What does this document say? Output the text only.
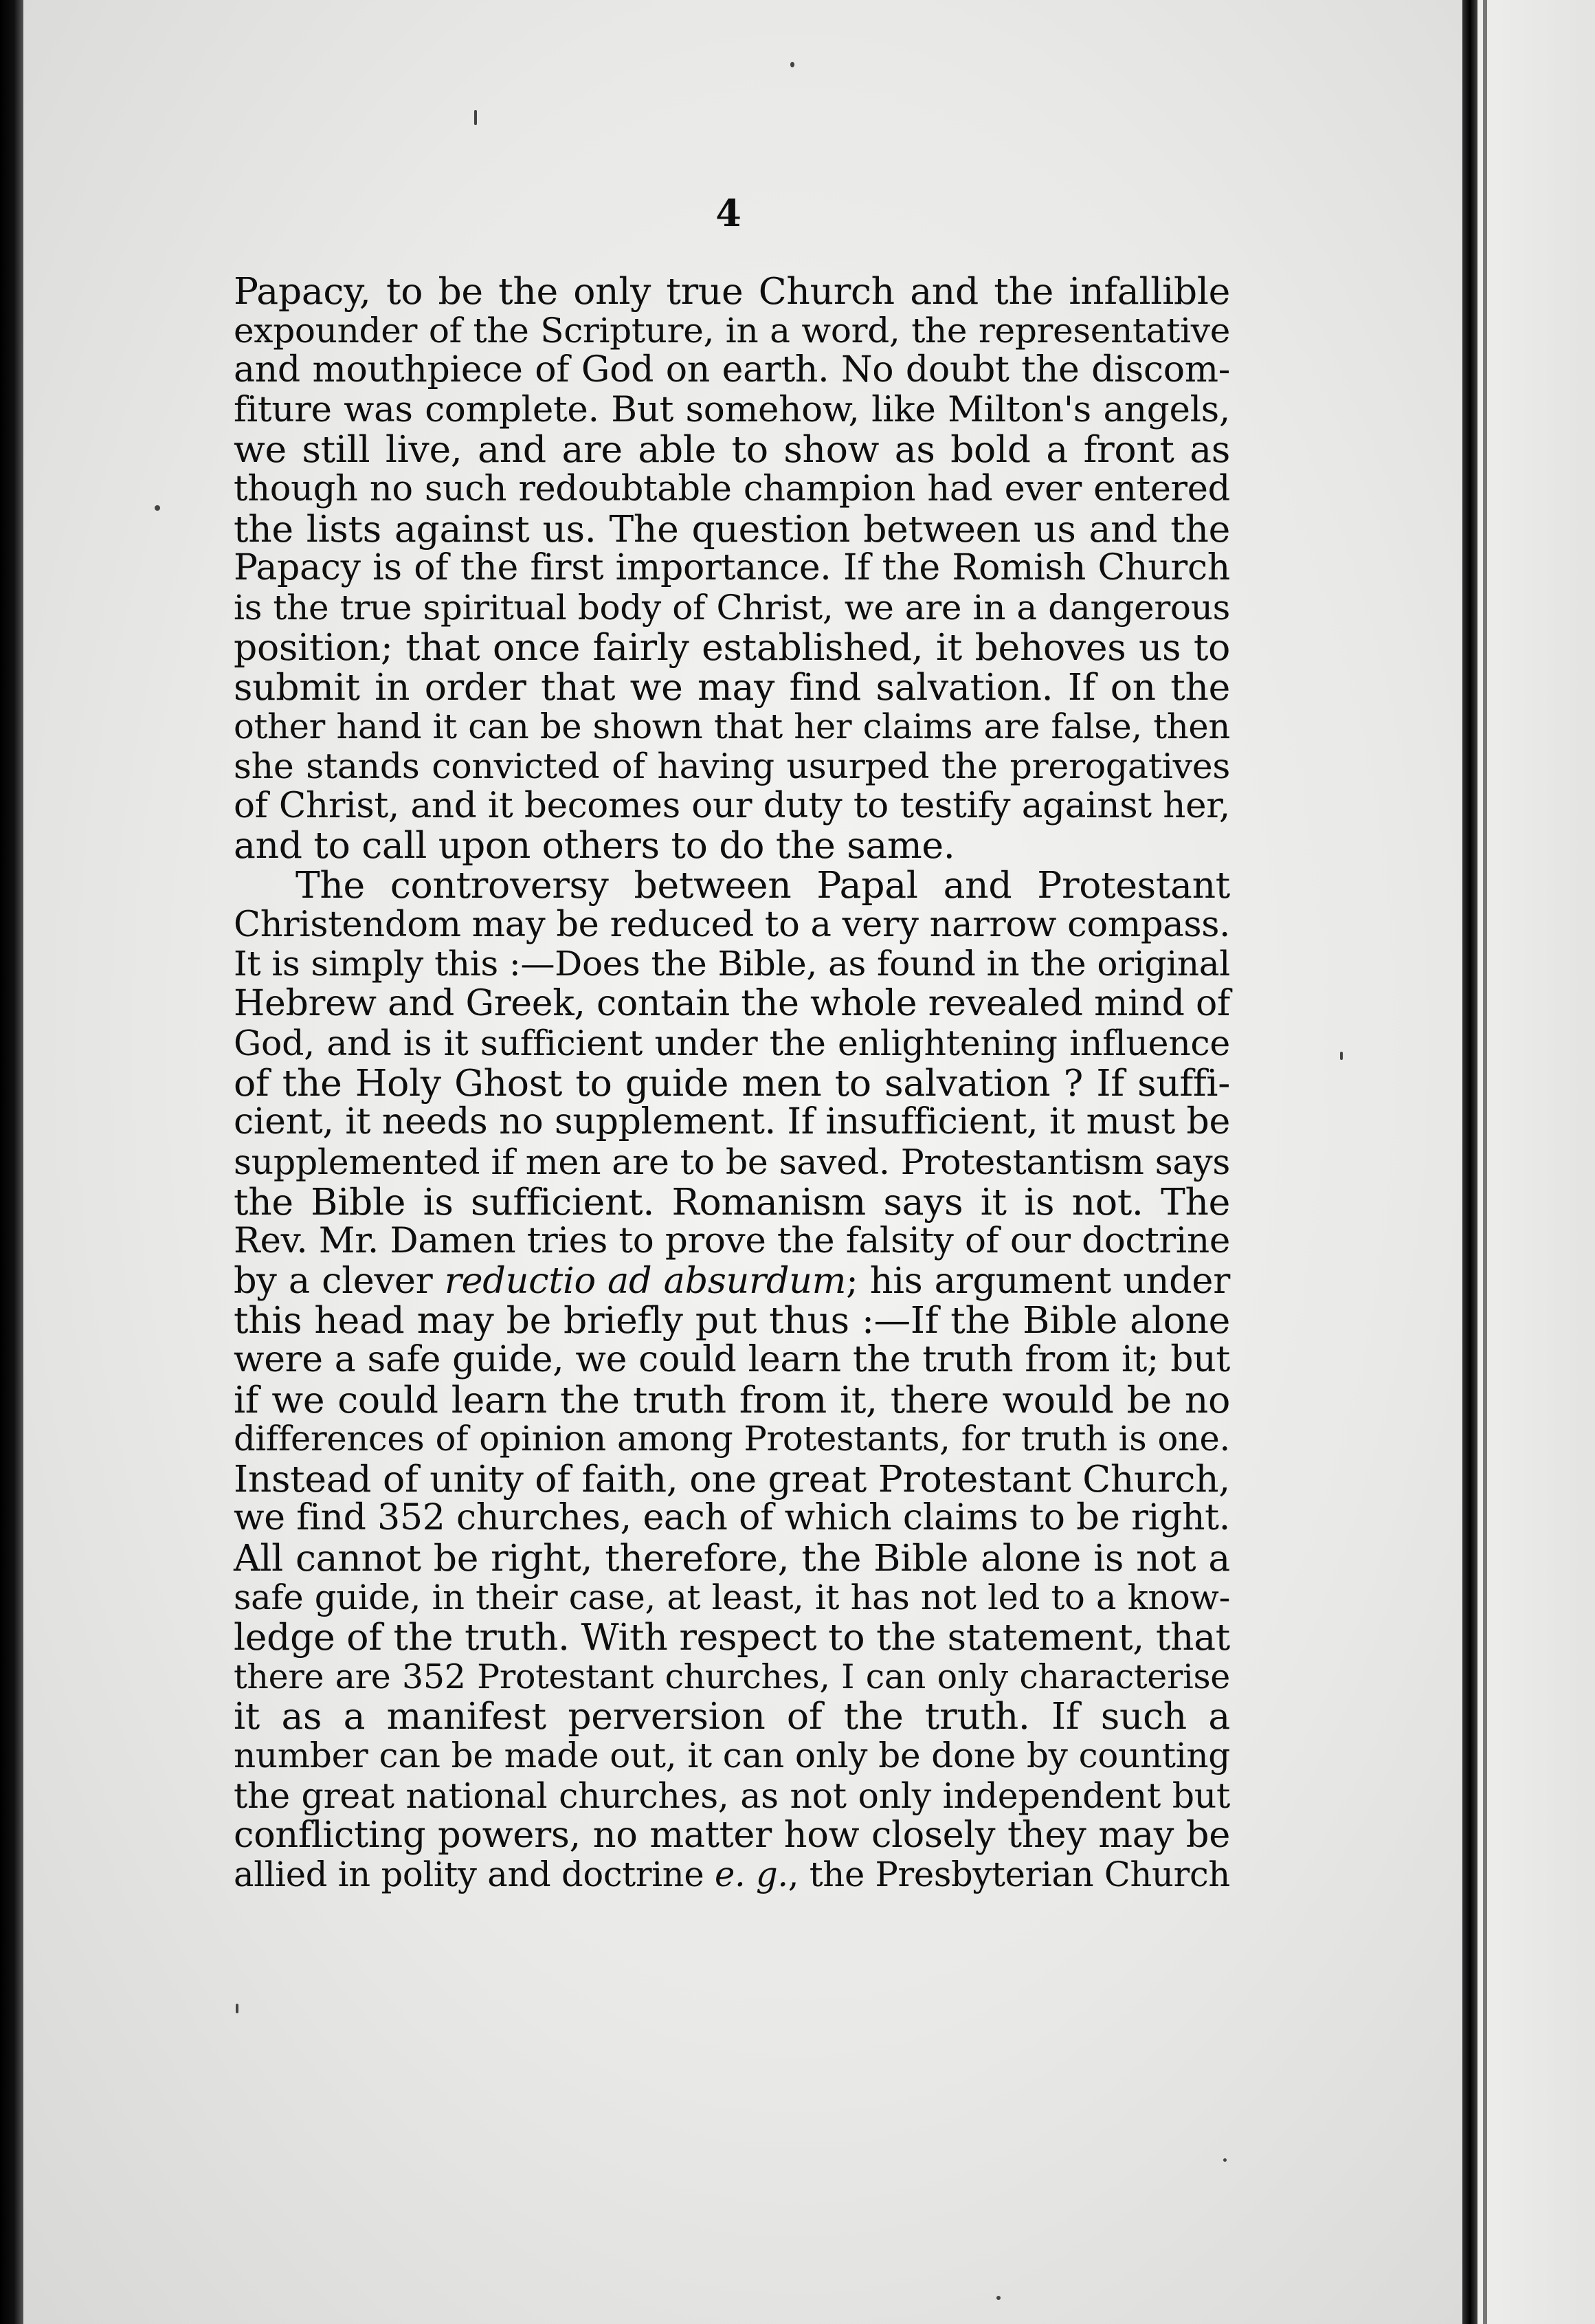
4
Papacy, to be the only true Church and the infallible
expounder of the Scripture, in a word, the representative
and mouthpiece of God on earth. No doubt the discom-
fiture was complete. But somehow, like Milton's angels,
we still live, and are able to show as bold a front as
though no such redoubtable champion had ever entered
the lists against us. The question between us and the
Papacy is of the first importance. If the Romish Church
is the true spiritual body of Christ, we are in a dangerous
position; that once fairly established, it behoves us to
submit in order that we may find salvation. If on the
other hand it can be shown that her claims are false, then
she stands convicted of having usurped the prerogatives
of Christ, and it becomes our duty to testify against her,
and to call upon others to do the same.
The controversy between Papal and Protestant
Christendom may be reduced to a very narrow compass.
It is simply this :—Does the Bible, as found in the original
Hebrew and Greek, contain the whole revealed mind of
God, and is it sufficient under the enlightening influence
of the Holy Ghost to guide men to salvation ? If suffi-
cient, it needs no supplement. If insufficient, it must be
supplemented if men are to be saved. Protestantism says
the Bible is sufficient. Romanism says it is not. The
Rev. Mr. Damen tries to prove the falsity of our doctrine
by a clever reductio ad absurdum; his argument under
this head may be briefly put thus :—If the Bible alone
were a safe guide, we could learn the truth from it; but
if we could learn the truth from it, there would be no
differences of opinion among Protestants, for truth is one.
Instead of unity of faith, one great Protestant Church,
we find 352 churches, each of which claims to be right.
All cannot be right, therefore, the Bible alone is not a
safe guide, in their case, at least, it has not led to a know-
ledge of the truth. With respect to the statement, that
there are 352 Protestant churches, I can only characterise
it as a manifest perversion of the truth. If such a
number can be made out, it can only be done by counting
the great national churches, as not only independent but
conflicting powers, no matter how closely they may be
allied in polity and doctrine e. g., the Presbyterian Church
